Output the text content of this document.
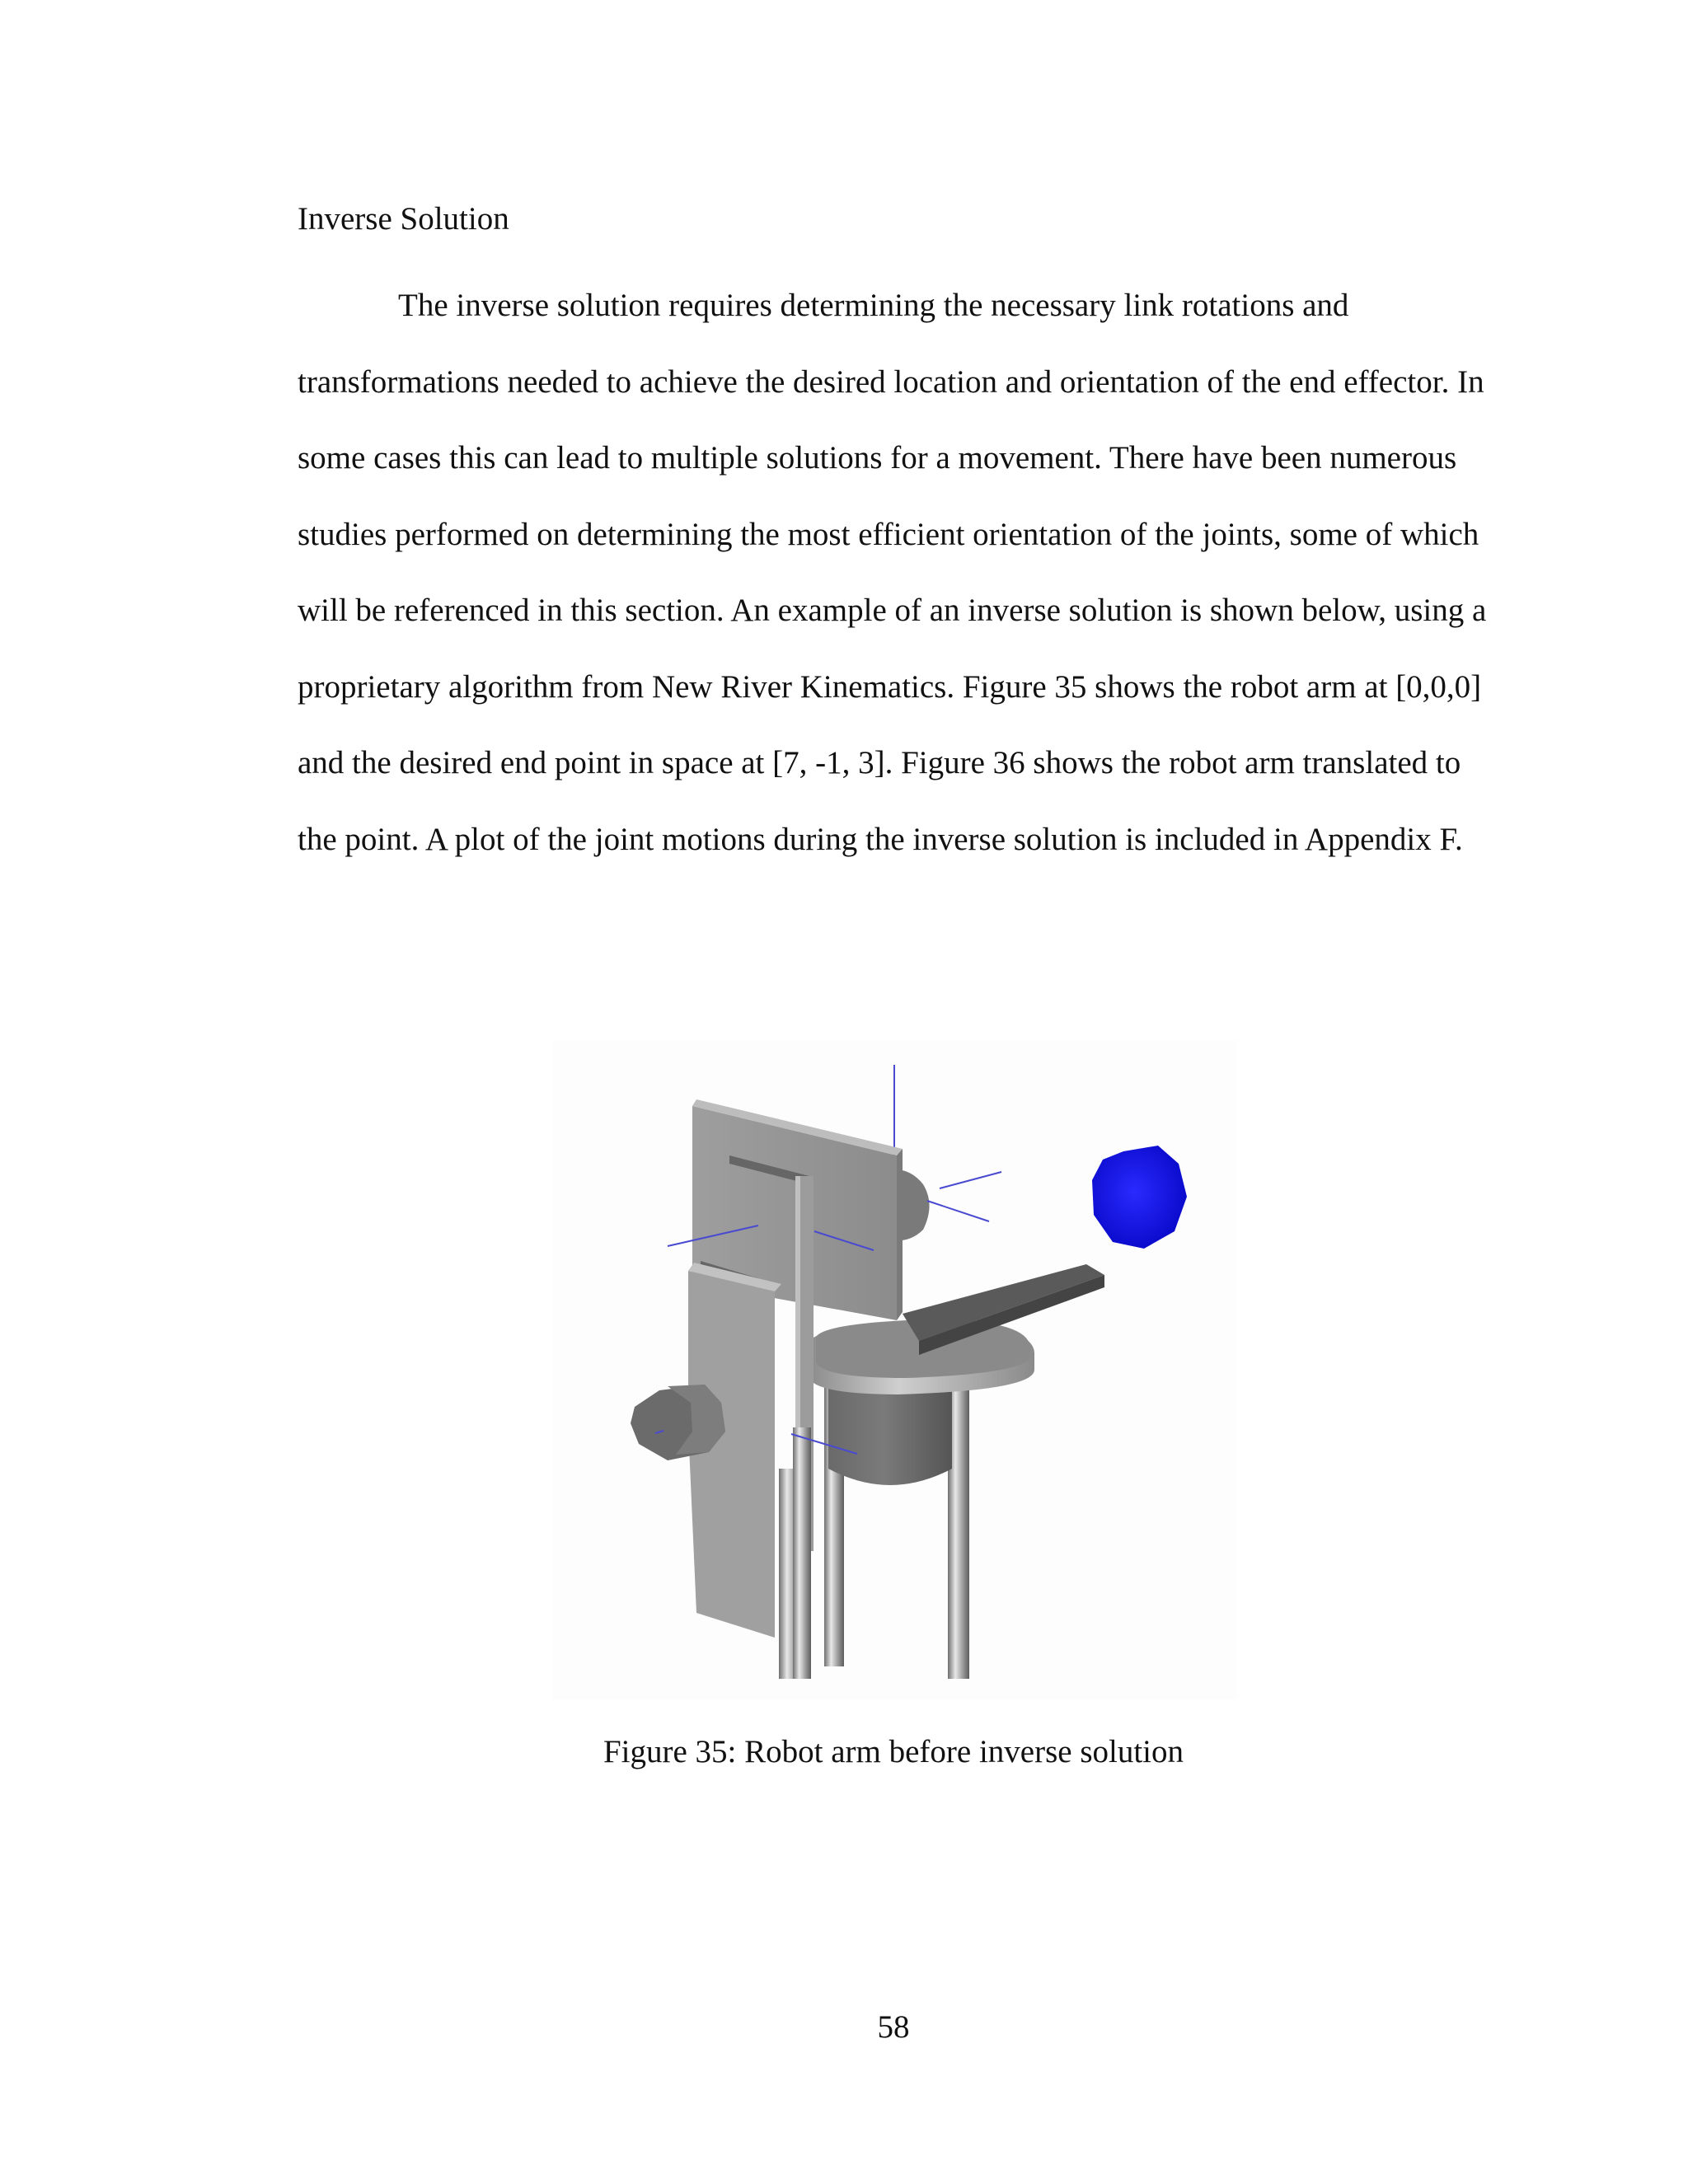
Inverse Solution

The inverse solution requires determining the necessary link rotations and transformations needed to achieve the desired location and orientation of the end effector. In some cases this can lead to multiple solutions for a movement. There have been numerous studies performed on determining the most efficient orientation of the joints, some of which will be referenced in this section. An example of an inverse solution is shown below, using a proprietary algorithm from New River Kinematics. Figure 35 shows the robot arm at [0,0,0] and the desired end point in space at [7, -1, 3]. Figure 36 shows the robot arm translated to the point. A plot of the joint motions during the inverse solution is included in Appendix F.

Figure 35: Robot arm before inverse solution

58
